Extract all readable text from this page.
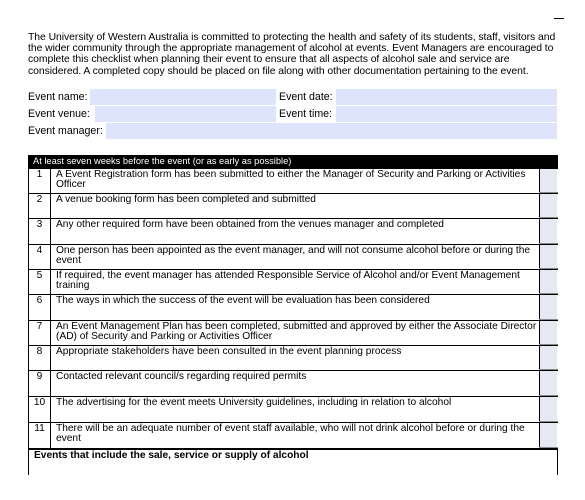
The University of Western Australia is committed to protecting the health and safety of its students, staff, visitors and the wider community through the appropriate management of alcohol at events. Event Managers are encouraged to complete this checklist when planning their event to ensure that all aspects of alcohol sale and service are considered. A completed copy should be placed on file along with other documentation pertaining to the event.

Event name:	Event date:
Event venue:	Event time:
Event manager:
At least seven weeks before the event (or as early as possible)
1	A Event Registration form has been submitted to either the Manager of Security and Parking or Activities Officer
2	A venue booking form has been completed and submitted
3	Any other required form have been obtained from the venues manager and completed
4	One person has been appointed as the event manager, and will not consume alcohol before or during the event
5	If required, the event manager has attended Responsible Service of Alcohol and/or Event Management training
6	The ways in which the success of the event will be evaluation has been considered
7	An Event Management Plan has been completed, submitted and approved by either the Associate Director (AD) of Security and Parking or Activities Officer
8	Appropriate stakeholders have been consulted in the event planning process
9	Contacted relevant council/s regarding required permits
10	The advertising for the event meets University guidelines, including in relation to alcohol
11	There will be an adequate number of event staff available, who will not drink alcohol before or during the event
Events that include the sale, service or supply of alcohol
